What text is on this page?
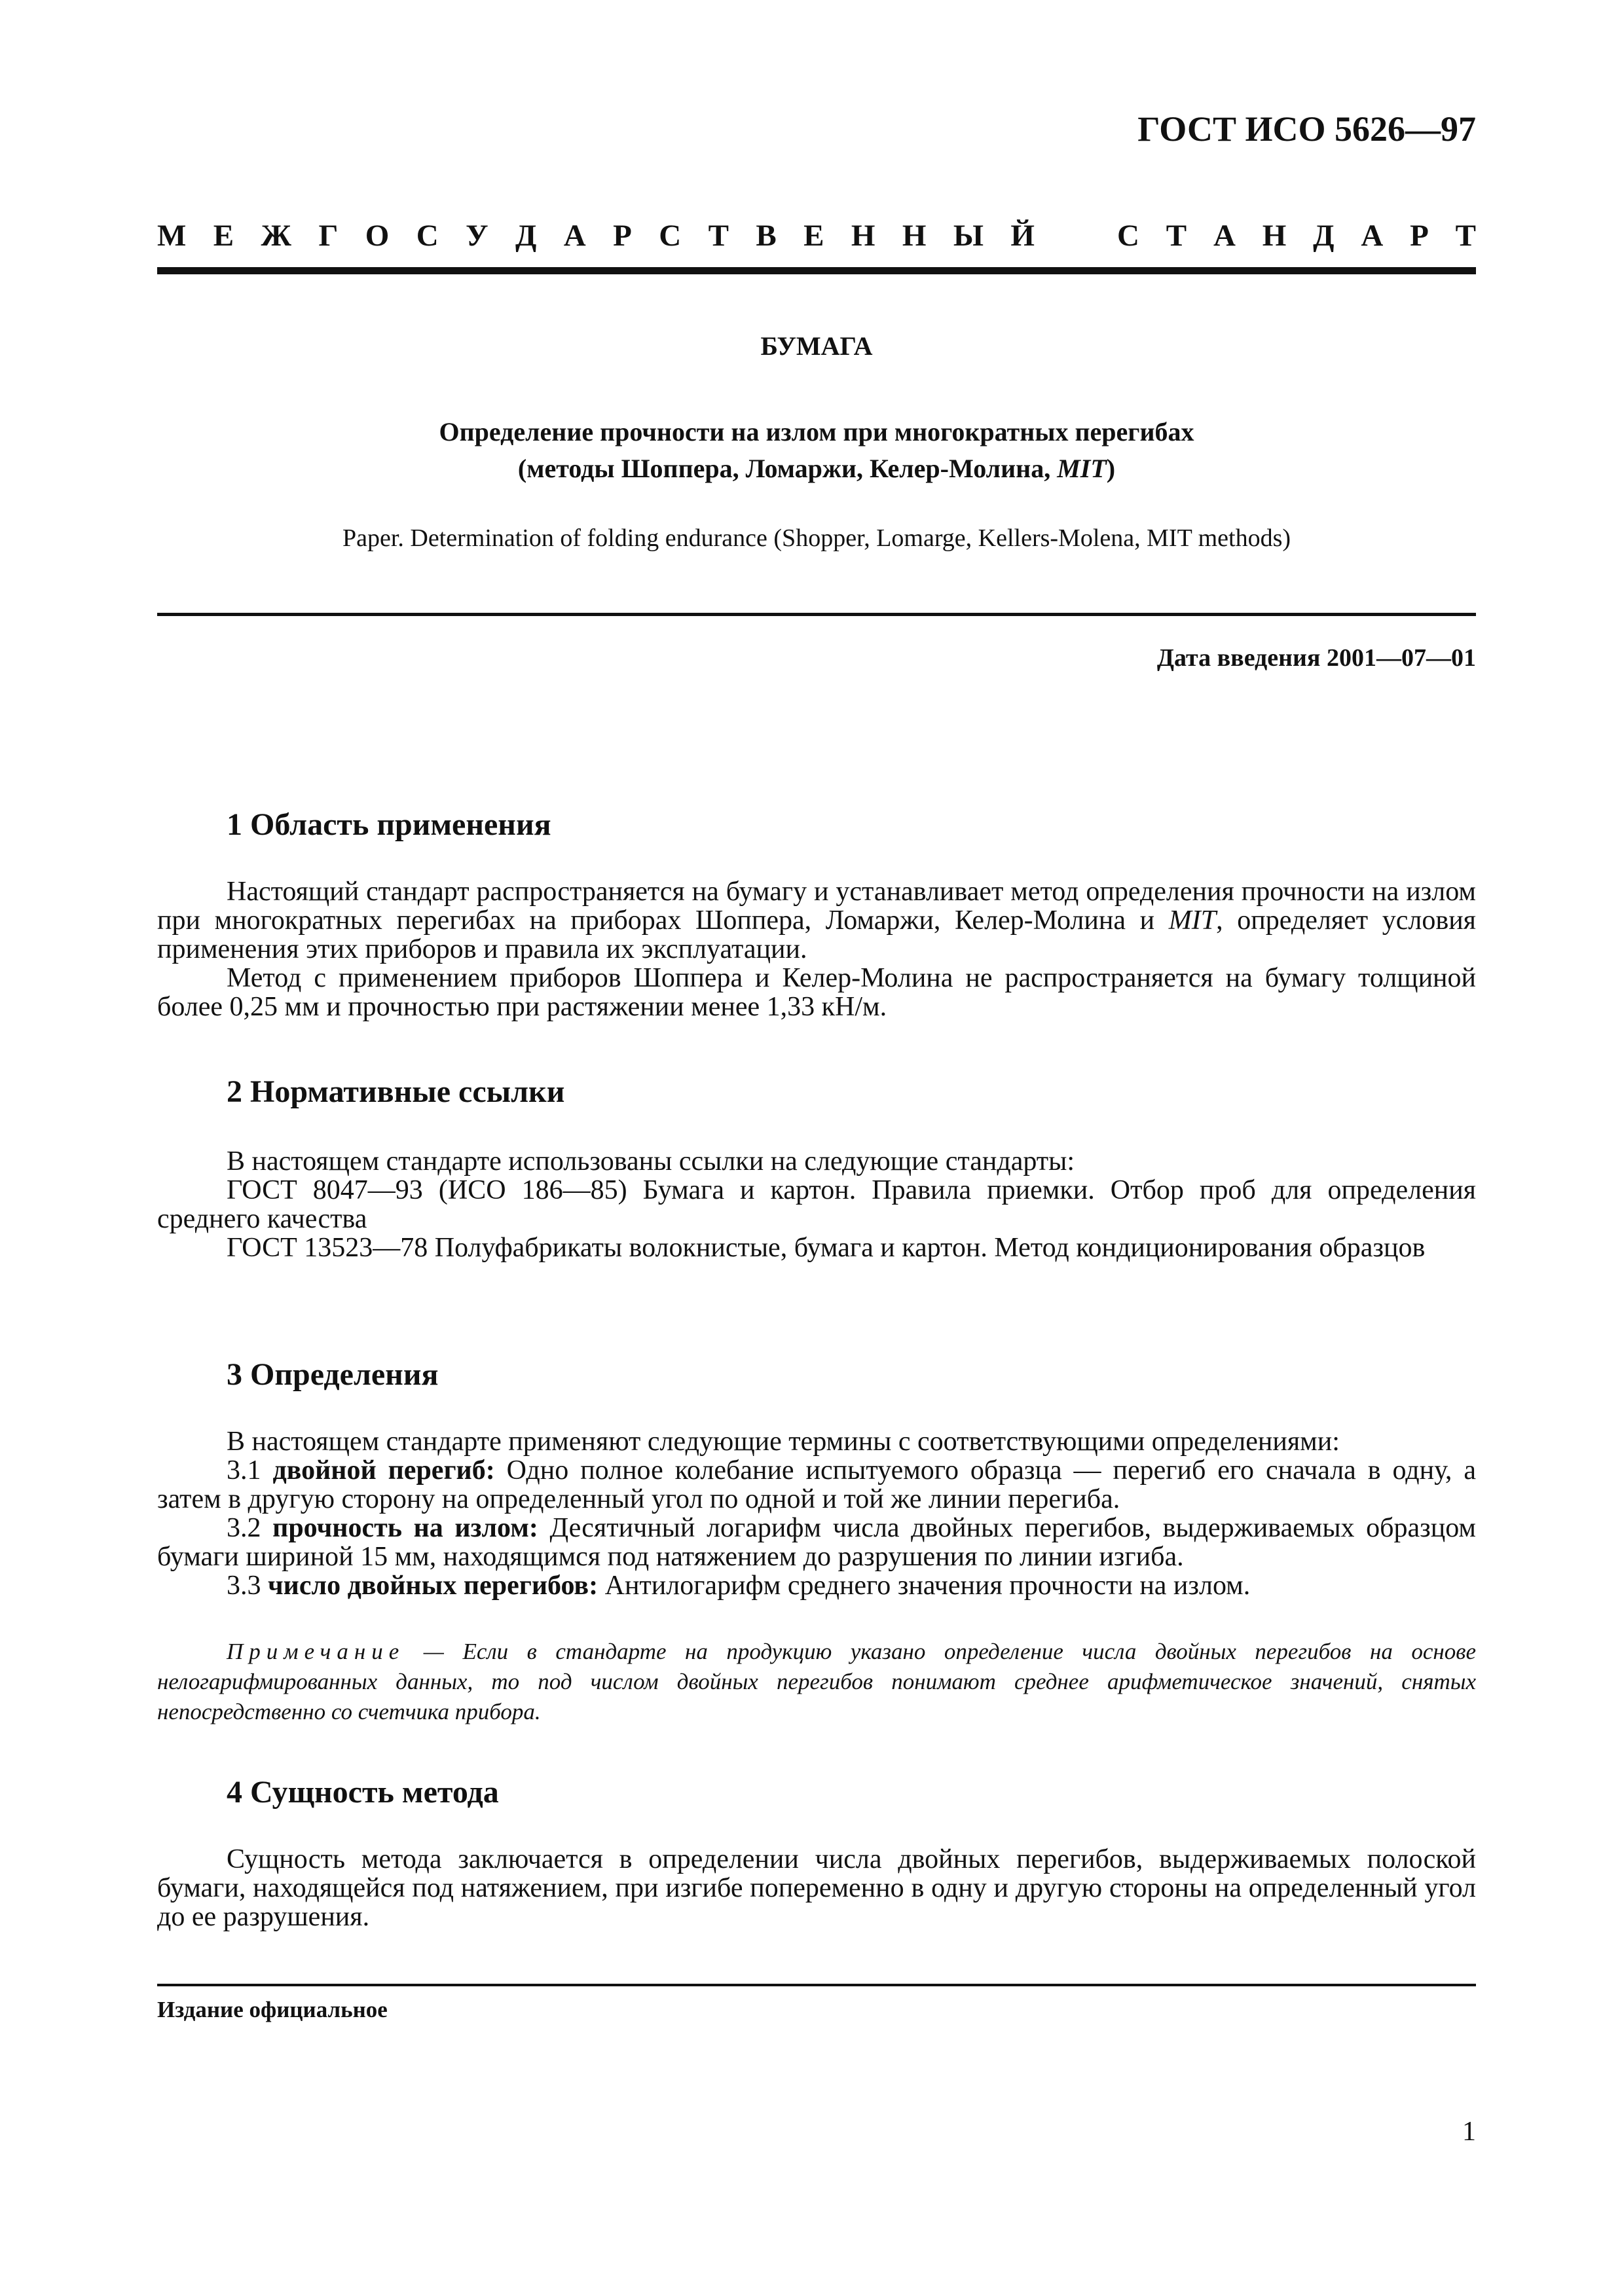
ГОСТ ИСО 5626—97
М Е Ж Г О С У Д А Р С Т В Е Н Н Ы Й	С Т А Н Д А Р Т
БУМАГА
Определение прочности на излом при многократных перегибах
(методы Шоппера, Ломаржи, Келер-Молина, MIT)
Paper. Determination of folding endurance (Shopper, Lomarge, Kellers-Molena, MIT methods)
Дата введения 2001—07—01
1 Область применения

Настоящий стандарт распространяется на бумагу и устанавливает метод определения прочности на излом при многократных перегибах на приборах Шоппера, Ломаржи, Келер-Молина и MIT, определяет условия применения этих приборов и правила их эксплуатации.

Метод с применением приборов Шоппера и Келер-Молина не распространяется на бумагу толщиной более 0,25 мм и прочностью при растяжении менее 1,33 кН/м.

2 Нормативные ссылки

В настоящем стандарте использованы ссылки на следующие стандарты:

ГОСТ 8047—93 (ИСО 186—85) Бумага и картон. Правила приемки. Отбор проб для определения среднего качества

ГОСТ 13523—78 Полуфабрикаты волокнистые, бумага и картон. Метод кондиционирования образцов

3 Определения

В настоящем стандарте применяют следующие термины с соответствующими определениями:

3.1 двойной перегиб: Одно полное колебание испытуемого образца — перегиб его сначала в одну, а затем в другую сторону на определенный угол по одной и той же линии перегиба.

3.2 прочность на излом: Десятичный логарифм числа двойных перегибов, выдерживаемых образцом бумаги шириной 15 мм, находящимся под натяжением до разрушения по линии изгиба.

3.3 число двойных перегибов: Антилогарифм среднего значения прочности на излом.

Примечание — Если в стандарте на продукцию указано определение числа двойных перегибов на основе нелогарифмированных данных, то под числом двойных перегибов понимают среднее арифметическое значений, снятых непосредственно со счетчика прибора.

4 Сущность метода

Сущность метода заключается в определении числа двойных перегибов, выдерживаемых полоской бумаги, находящейся под натяжением, при изгибе попеременно в одну и другую стороны на определенный угол до ее разрушения.

Издание официальное
1
